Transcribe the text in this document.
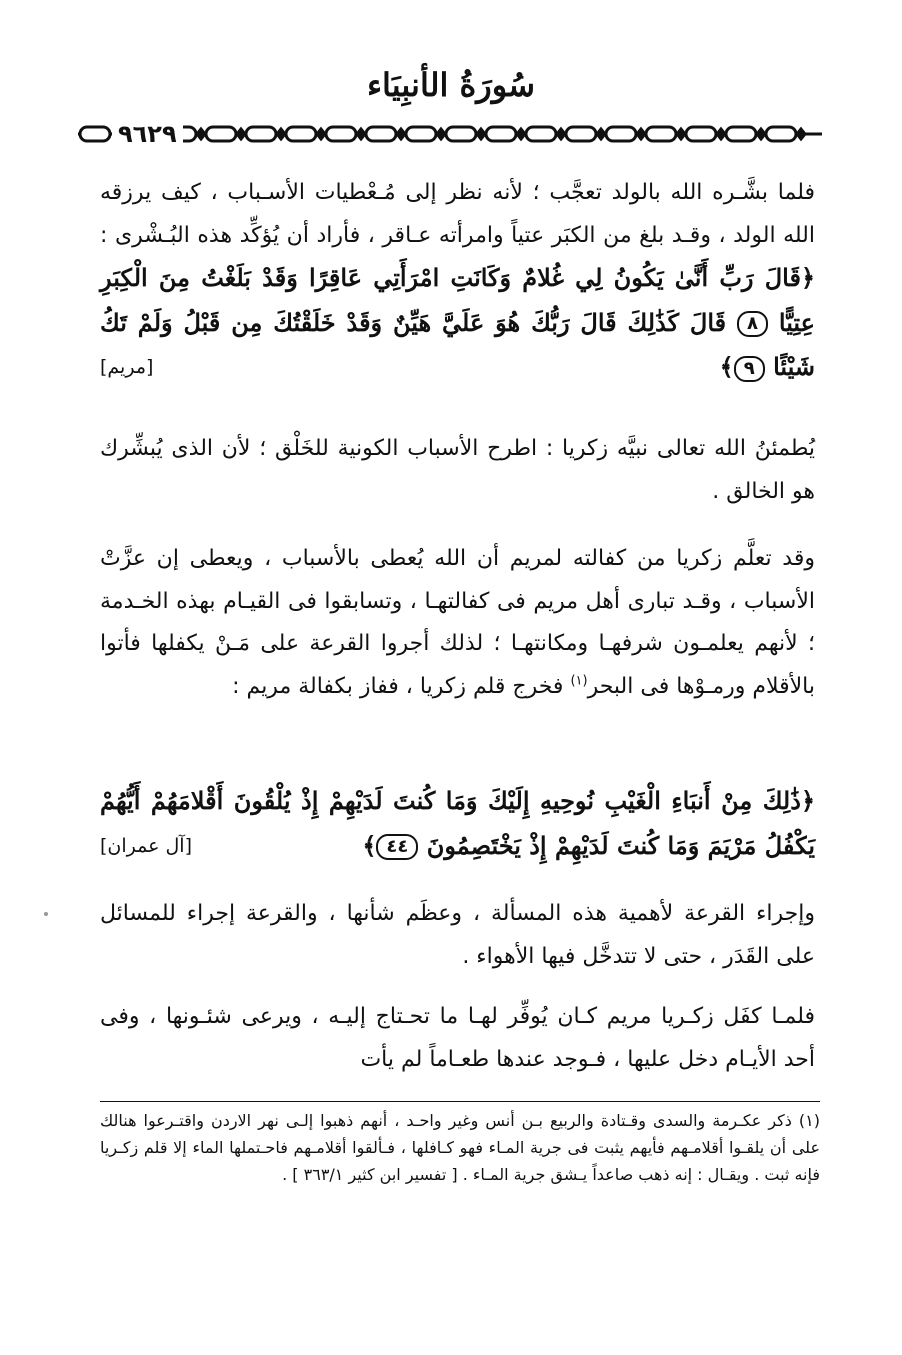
سُورَةُ الأنبِيَاء
٩٦٢٩
فلما بشَّـره الله بالولد تعجَّب ؛ لأنه نظر إلى مُـعْطيات الأسـباب ، كيف يرزقه الله الولد ، وقـد بلغ من الكبَر عتياً وامرأته عـاقر ، فأراد أن يُؤكِّد هذه البُـشْرى : ﴿قَالَ رَبِّ أَنَّىٰ يَكُونُ لِي غُلامٌ وَكَانَتِ امْرَأَتِي عَاقِرًا وَقَدْ بَلَغْتُ مِنَ الْكِبَرِ عِتِيًّا ٨ قَالَ كَذَٰلِكَ قَالَ رَبُّكَ هُوَ عَلَيَّ هَيِّنٌ وَقَدْ خَلَقْتُكَ مِن قَبْلُ وَلَمْ تَكُ شَيْئًا ٩﴾
[مريم]
يُطمئنُ الله تعالى نبيَّه زكريا : اطرح الأسباب الكونية للخَلْق ؛ لأن الذى يُبشِّرك هو الخالق .
وقد تعلَّم زكريا من كفالته لمريم أن الله يُعطى بالأسباب ، ويعطى إن عزَّتْ الأسباب ، وقـد تبارى أهل مريم فى كفالتهـا ، وتسابقوا فى القيـام بهذه الخـدمة ؛ لأنهم يعلمـون شرفهـا ومكانتهـا ؛ لذلك أجروا القرعة على مَـنْ يكفلها فأتوا بالأقلام ورمـوْها فى البحر$^{(١)}$ فخرج قلم زكريا ، ففاز بكفالة مريم :
﴿ذَٰلِكَ مِنْ أَنبَاءِ الْغَيْبِ نُوحِيهِ إِلَيْكَ وَمَا كُنتَ لَدَيْهِمْ إِذْ يُلْقُونَ أَقْلامَهُمْ أَيُّهُمْ يَكْفُلُ مَرْيَمَ وَمَا كُنتَ لَدَيْهِمْ إِذْ يَخْتَصِمُونَ ٤٤﴾
[آل عمران]
وإجراء القرعة لأهمية هذه المسألة ، وعظَم شأنها ، والقرعة إجراء للمسائل على القَدَر ، حتى لا تتدخَّل فيها الأهواء .
فلمـا كفَل زكـريا مريم كـان يُوفِّر لهـا ما تحـتاج إليـه ، ويرعى شئـونها ، وفى أحد الأيـام دخل عليها ، فـوجد عندها طعـاماً لم يأت
(١) ذكر عكـرمة والسدى وقـتادة والربيع بـن أنس وغير واحـد ، أنهم ذهبوا إلـى نهر الاردن واقتـرعوا هنالك على أن يلقـوا أقلامـهم فأيهم يثبت فى جرية المـاء فهو كـافلها ، فـألقوا أقلامـهم فاحـتملها الماء إلا قلم زكـريا فإنه ثبت . ويقـال : إنه ذهب صاعداً يـشق جرية المـاء . [ تفسير ابن كثير ٣٦٣/١ ] .
